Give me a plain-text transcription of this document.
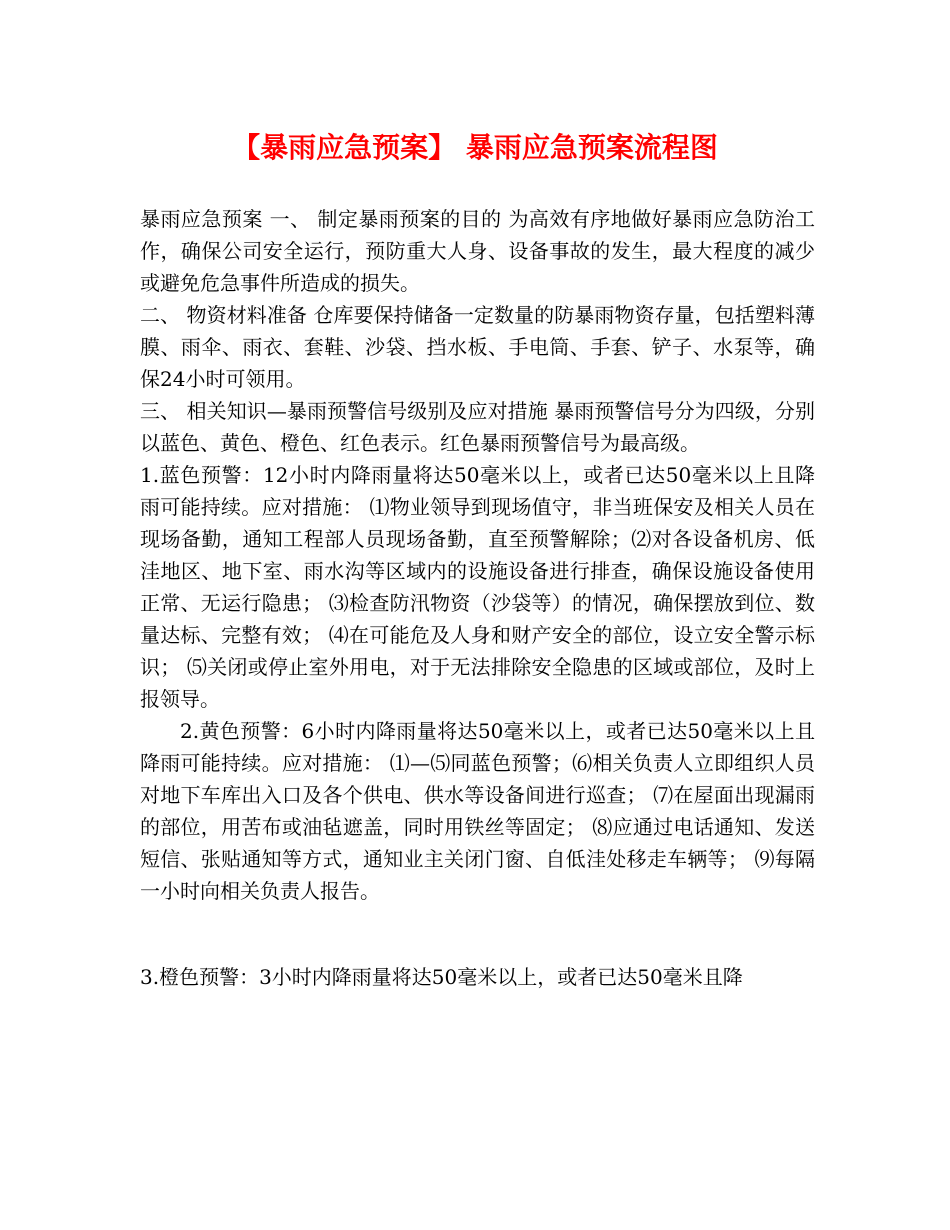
【暴雨应急预案】 暴雨应急预案流程图

暴雨应急预案 一、 制定暴雨预案的目的 为高效有序地做好暴雨应急防治工作，确保公司安全运行，预防重大人身、设备事故的发生，最大程度的减少或避免危急事件所造成的损失。

二、 物资材料准备 仓库要保持储备一定数量的防暴雨物资存量，包括塑料薄膜、雨伞、雨衣、套鞋、沙袋、挡水板、手电筒、手套、铲子、水泵等，确保24小时可领用。

三、 相关知识—暴雨预警信号级别及应对措施 暴雨预警信号分为四级，分别以蓝色、黄色、橙色、红色表示。红色暴雨预警信号为最高级。

1.蓝色预警：12小时内降雨量将达50毫米以上，或者已达50毫米以上且降雨可能持续。应对措施： ⑴物业领导到现场值守，非当班保安及相关人员在现场备勤，通知工程部人员现场备勤，直至预警解除；⑵对各设备机房、低洼地区、地下室、雨水沟等区域内的设施设备进行排查，确保设施设备使用正常、无运行隐患； ⑶检查防汛物资（沙袋等）的情况，确保摆放到位、数量达标、完整有效； ⑷在可能危及人身和财产安全的部位，设立安全警示标识； ⑸关闭或停止室外用电，对于无法排除安全隐患的区域或部位，及时上报领导。

2.黄色预警：6小时内降雨量将达50毫米以上，或者已达50毫米以上且降雨可能持续。应对措施： ⑴—⑸同蓝色预警；⑹相关负责人立即组织人员对地下车库出入口及各个供电、供水等设备间进行巡查； ⑺在屋面出现漏雨的部位，用苦布或油毡遮盖，同时用铁丝等固定； ⑻应通过电话通知、发送短信、张贴通知等方式，通知业主关闭门窗、自低洼处移走车辆等； ⑼每隔一小时向相关负责人报告。

3.橙色预警：3小时内降雨量将达50毫米以上，或者已达50毫米且降
